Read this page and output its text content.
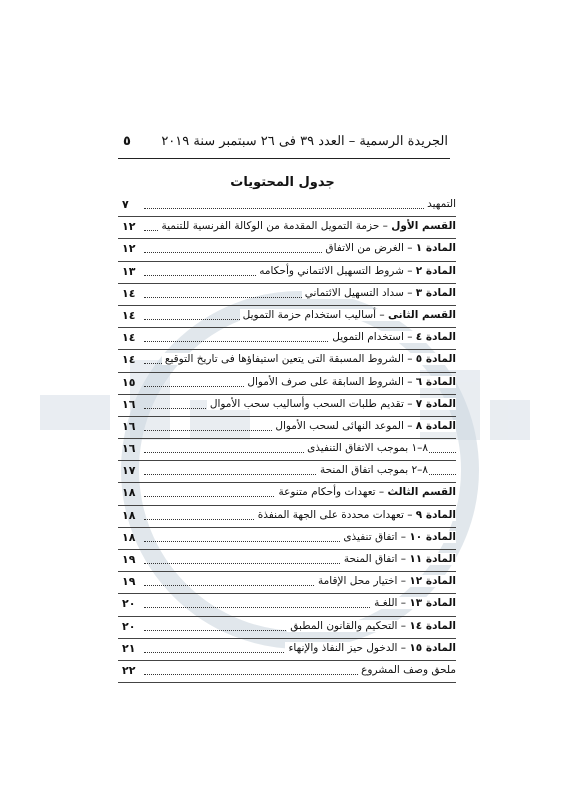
الجريدة الرسمية – العدد ٣٩ فى ٢٦ سبتمبر سنة ٢٠١٩
٥
جدول المحتويات
التمهيد
٧
القسم الأول – حزمة التمويل المقدمة من الوكالة الفرنسية للتنمية
١٢
المادة ١ – الغرض من الاتفاق
١٢
المادة ٢ – شروط التسهيل الائتماني وأحكامه
١٣
المادة ٣ – سداد التسهيل الائتماني
١٤
القسم الثانى – أساليب استخدام حزمة التمويل
١٤
المادة ٤ – استخدام التمويل
١٤
المادة ٥ – الشروط المسبقة التى يتعين استيفاؤها فى تاريخ التوقيع
١٤
المادة ٦ – الشروط السابقة على صرف الأموال
١٥
المادة ٧ – تقديم طلبات السحب وأساليب سحب الأموال
١٦
المادة ٨ – الموعد النهائى لسحب الأموال
١٦
٨–١ بموجب الاتفاق التنفيذى
١٦
٨–٢ بموجب اتفاق المنحة
١٧
القسم الثالث – تعهدات وأحكام متنوعة
١٨
المادة ٩ – تعهدات محددة على الجهة المنفذة
١٨
المادة ١٠ – اتفاق تنفيذى
١٨
المادة ١١ – اتفاق المنحة
١٩
المادة ١٢ – اختيار محل الإقامة
١٩
المادة ١٣ – اللغـة
٢٠
المادة ١٤ – التحكيم والقانون المطبق
٢٠
المادة ١٥ – الدخول حيز النفاذ والإنهاء
٢١
ملحق وصف المشروع
٢٢
